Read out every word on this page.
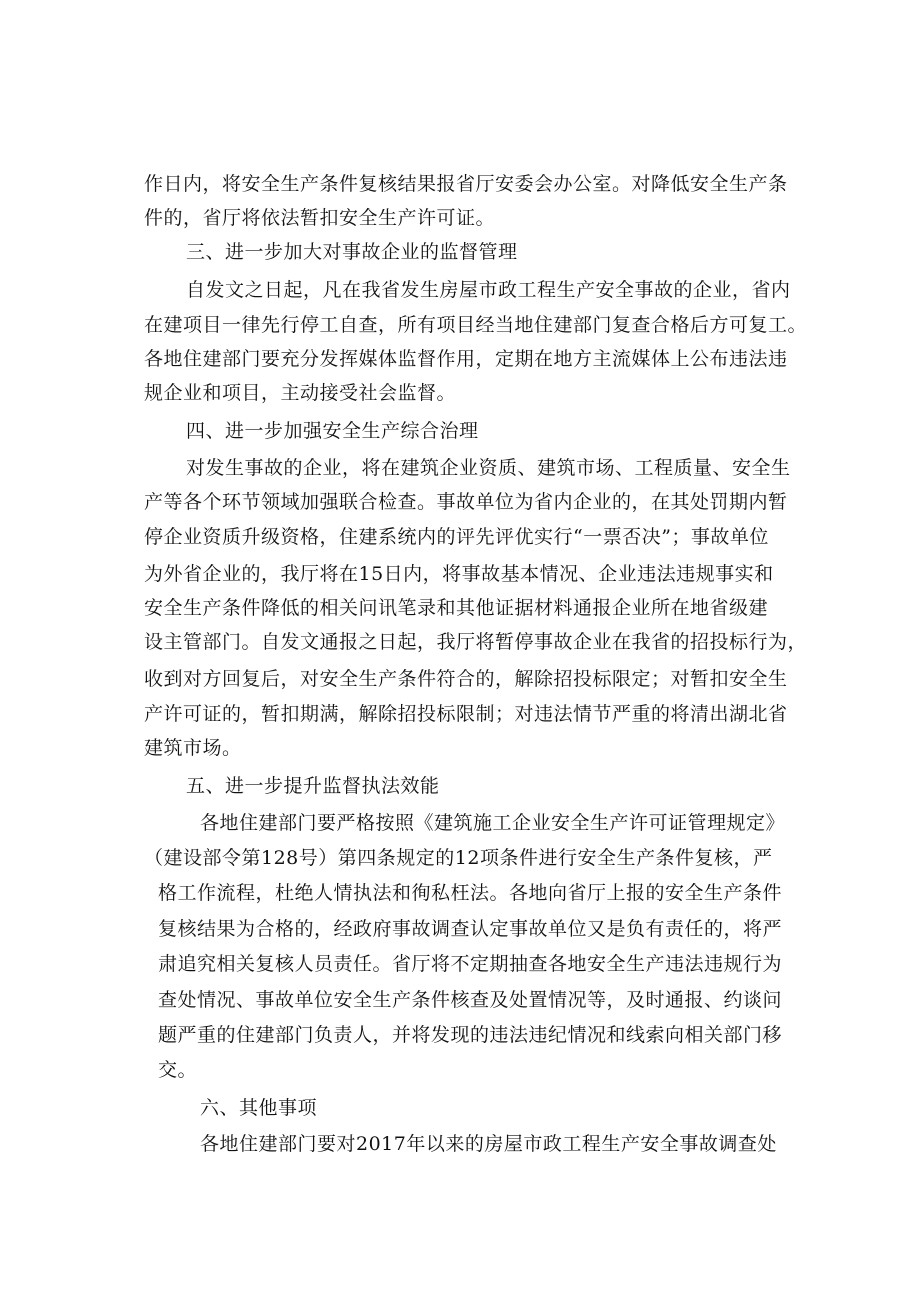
作日内，将安全生产条件复核结果报省厅安委会办公室。对降低安全生产条
件的，省厅将依法暂扣安全生产许可证。
三、进一步加大对事故企业的监督管理
自发文之日起，凡在我省发生房屋市政工程生产安全事故的企业，省内
在建项目一律先行停工自查，所有项目经当地住建部门复查合格后方可复工。
各地住建部门要充分发挥媒体监督作用，定期在地方主流媒体上公布违法违
规企业和项目，主动接受社会监督。
四、进一步加强安全生产综合治理
对发生事故的企业，将在建筑企业资质、建筑市场、工程质量、安全生
产等各个环节领域加强联合检查。事故单位为省内企业的，在其处罚期内暂
停企业资质升级资格，住建系统内的评先评优实行“一票否决”；事故单位
为外省企业的，我厅将在15日内，将事故基本情况、企业违法违规事实和
安全生产条件降低的相关问讯笔录和其他证据材料通报企业所在地省级建
设主管部门。自发文通报之日起，我厅将暂停事故企业在我省的招投标行为，
收到对方回复后，对安全生产条件符合的，解除招投标限定；对暂扣安全生
产许可证的，暂扣期满，解除招投标限制；对违法情节严重的将清出湖北省
建筑市场。
五、进一步提升监督执法效能
各地住建部门要严格按照《建筑施工企业安全生产许可证管理规定》
（建设部令第128号）第四条规定的12项条件进行安全生产条件复核，严
格工作流程，杜绝人情执法和徇私枉法。各地向省厅上报的安全生产条件
复核结果为合格的，经政府事故调查认定事故单位又是负有责任的，将严
肃追究相关复核人员责任。省厅将不定期抽查各地安全生产违法违规行为
查处情况、事故单位安全生产条件核查及处置情况等，及时通报、约谈问
题严重的住建部门负责人，并将发现的违法违纪情况和线索向相关部门移
交。
六、其他事项
各地住建部门要对2017年以来的房屋市政工程生产安全事故调查处
